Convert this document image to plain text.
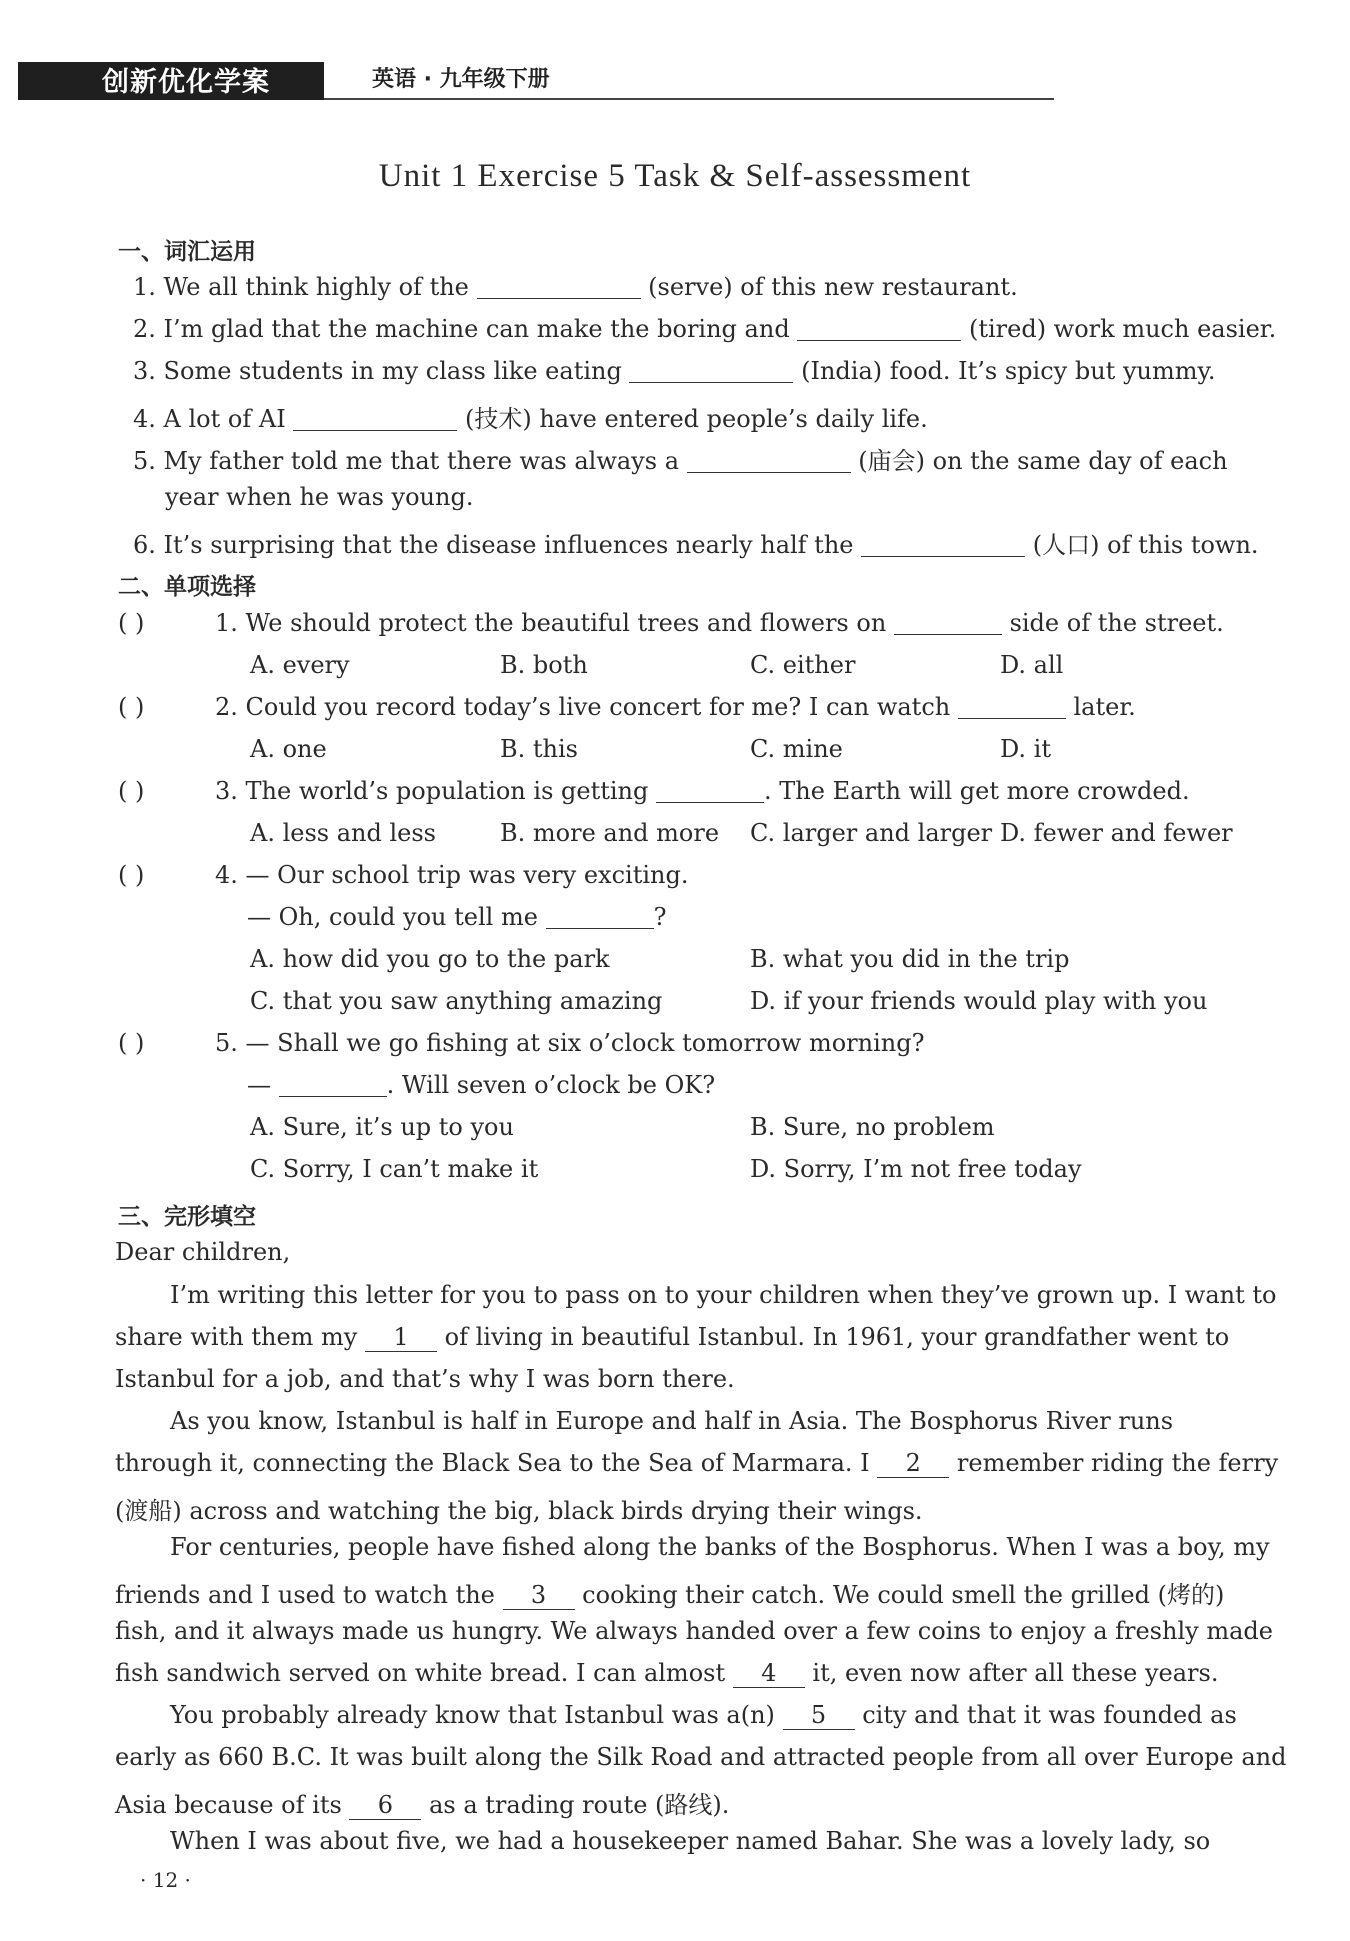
创新优化学案	英语 · 九年级下册
Unit 1 Exercise 5 Task & Self-assessment
一、词汇运用
1. We all think highly of the	(serve) of this new restaurant.
2. I’m glad that the machine can make the boring and	(tired) work much easier.
3. Some students in my class like eating	(India) food. It’s spicy but yummy.
4. A lot of AI	(技术) have entered people’s daily life.
5. My father told me that there was always a	(庙会) on the same day of each
year when he was young.
6. It’s surprising that the disease influences nearly half the	(人口) of this town.
二、单项选择
( )	1. We should protect the beautiful trees and flowers on	side of the street.
A. every	B. both	C. either	D. all
( )	2. Could you record today’s live concert for me? I can watch	later.
A. one	B. this	C. mine	D. it
( )	3. The world’s population is getting	. The Earth will get more crowded.
A. less and less	B. more and more C. larger and larger D. fewer and fewer
( )	4. — Our school trip was very exciting.
— Oh, could you tell me	?
A. how did you go to the park	B. what you did in the trip
C. that you saw anything amazing	D. if your friends would play with you
( )	5. — Shall we go fishing at six o’clock tomorrow morning?
—	. Will seven o’clock be OK?
A. Sure, it’s up to you	B. Sure, no problem
C. Sorry, I can’t make it	D. Sorry, I’m not free today
三、完形填空
Dear children,
I’m writing this letter for you to pass on to your children when they’ve grown up. I want to
share with them my 1 of living in beautiful Istanbul. In 1961, your grandfather went to
Istanbul for a job, and that’s why I was born there.
As you know, Istanbul is half in Europe and half in Asia. The Bosphorus River runs
through it, connecting the Black Sea to the Sea of Marmara. I 2 remember riding the ferry
(渡船) across and watching the big, black birds drying their wings.
For centuries, people have fished along the banks of the Bosphorus. When I was a boy, my
friends and I used to watch the 3 cooking their catch. We could smell the grilled (烤的)
fish, and it always made us hungry. We always handed over a few coins to enjoy a freshly made
fish sandwich served on white bread. I can almost 4 it, even now after all these years.
You probably already know that Istanbul was a(n) 5 city and that it was founded as
early as 660 B.C. It was built along the Silk Road and attracted people from all over Europe and
Asia because of its 6 as a trading route (路线).
When I was about five, we had a housekeeper named Bahar. She was a lovely lady, so
· 12 ·
